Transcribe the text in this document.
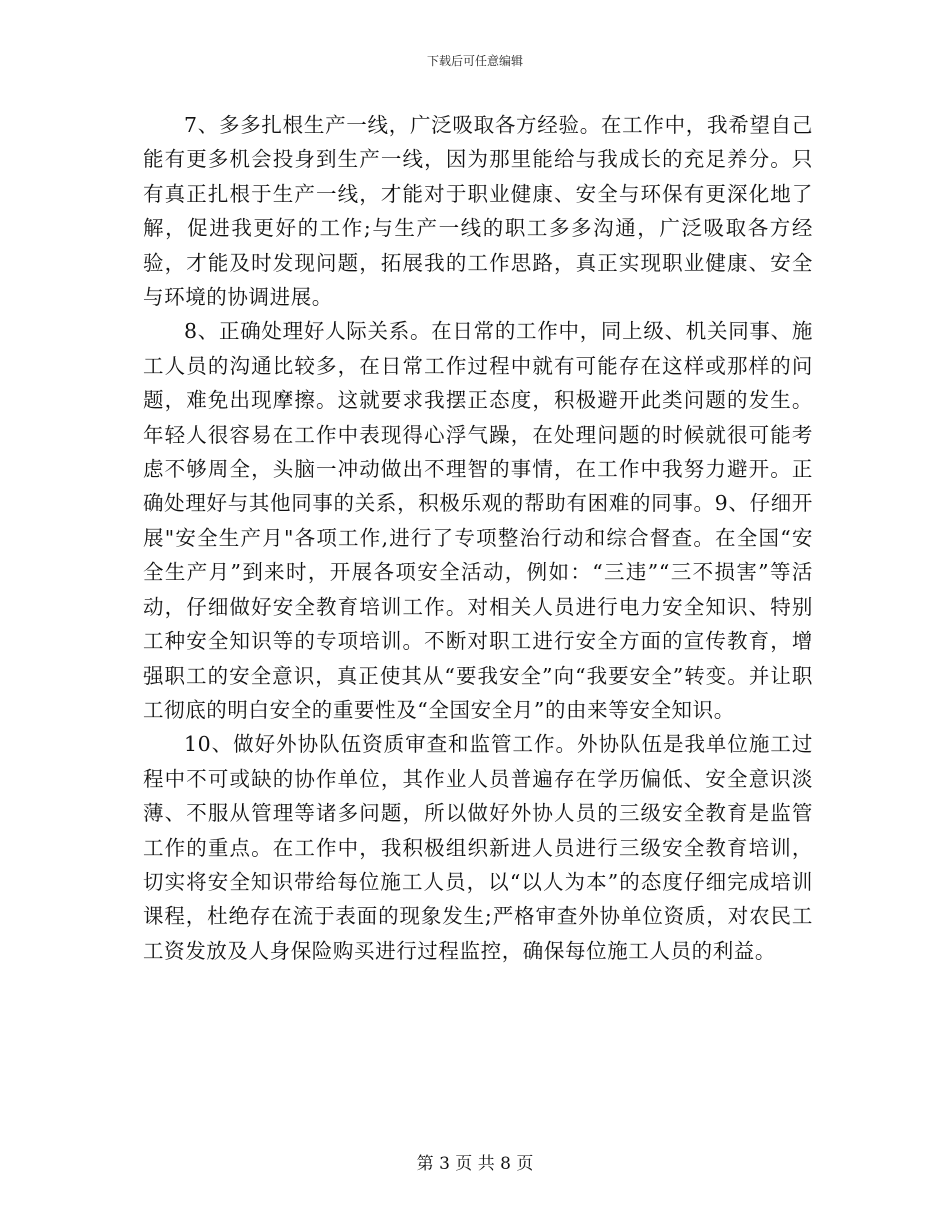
下载后可任意编辑

7、多多扎根生产一线，广泛吸取各方经验。在工作中，我希望自己能有更多机会投身到生产一线，因为那里能给与我成长的充足养分。只有真正扎根于生产一线，才能对于职业健康、安全与环保有更深化地了解，促进我更好的工作;与生产一线的职工多多沟通，广泛吸取各方经验，才能及时发现问题，拓展我的工作思路，真正实现职业健康、安全与环境的协调进展。

8、正确处理好人际关系。在日常的工作中，同上级、机关同事、施工人员的沟通比较多，在日常工作过程中就有可能存在这样或那样的问题，难免出现摩擦。这就要求我摆正态度，积极避开此类问题的发生。年轻人很容易在工作中表现得心浮气躁，在处理问题的时候就很可能考虑不够周全，头脑一冲动做出不理智的事情，在工作中我努力避开。正确处理好与其他同事的关系，积极乐观的帮助有困难的同事。9、仔细开展"安全生产月"各项工作,进行了专项整治行动和综合督查。在全国“安全生产月”到来时，开展各项安全活动，例如：“三违”“三不损害”等活动，仔细做好安全教育培训工作。对相关人员进行电力安全知识、特别工种安全知识等的专项培训。不断对职工进行安全方面的宣传教育，增强职工的安全意识，真正使其从“要我安全”向“我要安全”转变。并让职工彻底的明白安全的重要性及“全国安全月”的由来等安全知识。

10、做好外协队伍资质审查和监管工作。外协队伍是我单位施工过程中不可或缺的协作单位，其作业人员普遍存在学历偏低、安全意识淡薄、不服从管理等诸多问题，所以做好外协人员的三级安全教育是监管工作的重点。在工作中，我积极组织新进人员进行三级安全教育培训，切实将安全知识带给每位施工人员，以“以人为本”的态度仔细完成培训课程，杜绝存在流于表面的现象发生;严格审查外协单位资质，对农民工工资发放及人身保险购买进行过程监控，确保每位施工人员的利益。

第 3 页 共 8 页
